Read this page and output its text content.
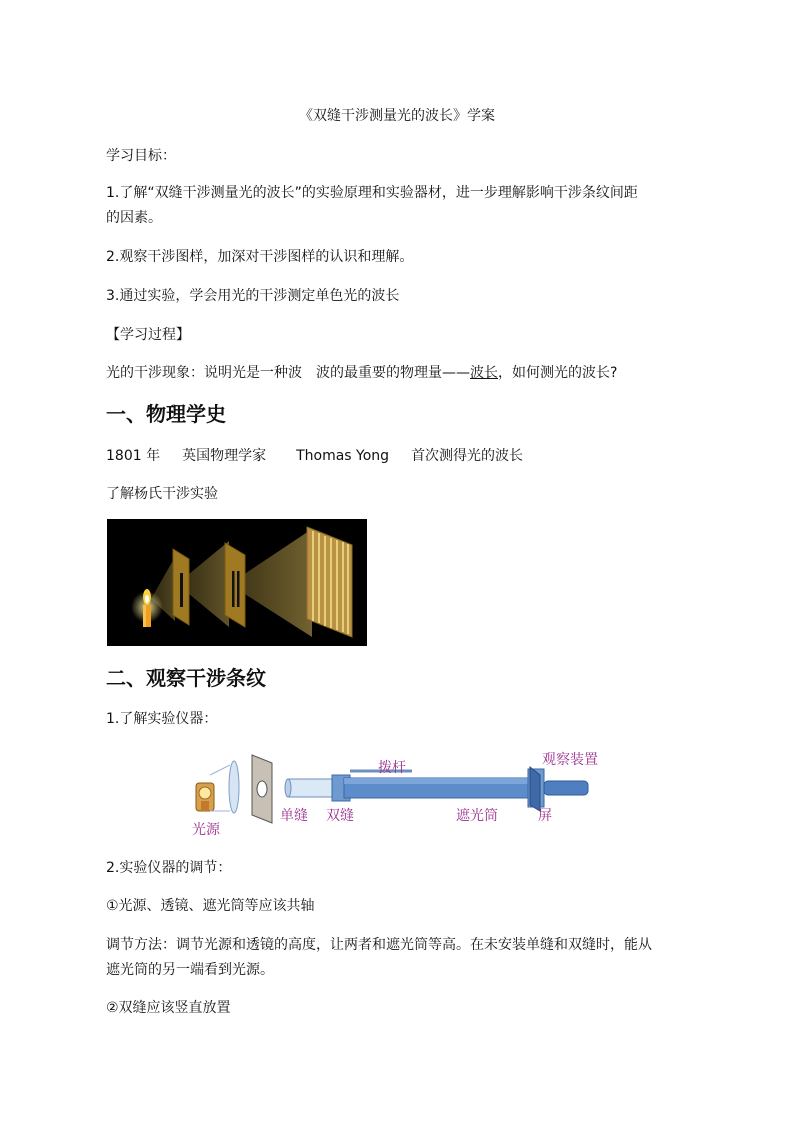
《双缝干涉测量光的波长》学案

学习目标：

1.了解“双缝干涉测量光的波长”的实验原理和实验器材，进一步理解影响干涉条纹间距

的因素。

2.观察干涉图样，加深对干涉图样的认识和理解。

3.通过实验，学会用光的干涉测定单色光的波长

【学习过程】

光的干涉现象：说明光是一种波 波的最重要的物理量——波长，如何测光的波长?

一、物理学史

1801 年 英国物理学家 Thomas Yong 首次测得光的波长

了解杨氏干涉实验

二、观察干涉条纹

1.了解实验仪器：

拨杆	观察装置
光源
单缝 双缝	遮光筒	屏

2.实验仪器的调节：

①光源、透镜、遮光筒等应该共轴

调节方法：调节光源和透镜的高度，让两者和遮光筒等高。在未安装单缝和双缝时，能从

遮光筒的另一端看到光源。

②双缝应该竖直放置
